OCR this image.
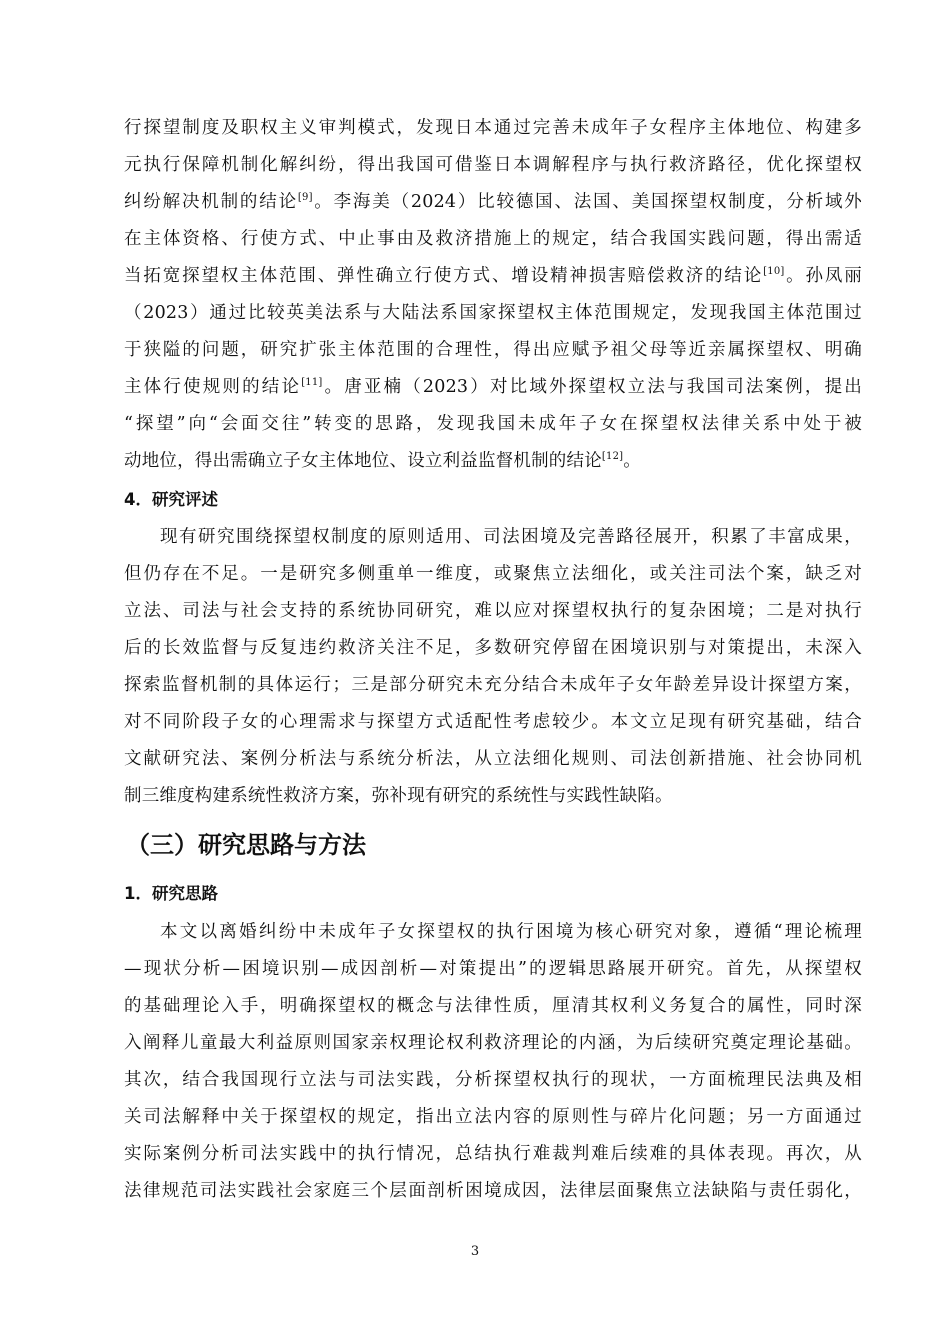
行探望制度及职权主义审判模式，发现日本通过完善未成年子女程序主体地位、构建多
元执行保障机制化解纠纷，得出我国可借鉴日本调解程序与执行救济路径，优化探望权
纠纷解决机制的结论[9]。李海美（2024）比较德国、法国、美国探望权制度，分析域外
在主体资格、行使方式、中止事由及救济措施上的规定，结合我国实践问题，得出需适
当拓宽探望权主体范围、弹性确立行使方式、增设精神损害赔偿救济的结论[10]。孙凤丽
（2023）通过比较英美法系与大陆法系国家探望权主体范围规定，发现我国主体范围过
于狭隘的问题，研究扩张主体范围的合理性，得出应赋予祖父母等近亲属探望权、明确
主体行使规则的结论[11]。唐亚楠（2023）对比域外探望权立法与我国司法案例，提出
“探望”向“会面交往”转变的思路，发现我国未成年子女在探望权法律关系中处于被
动地位，得出需确立子女主体地位、设立利益监督机制的结论[12]。
4．研究评述
现有研究围绕探望权制度的原则适用、司法困境及完善路径展开，积累了丰富成果，
但仍存在不足。一是研究多侧重单一维度，或聚焦立法细化，或关注司法个案，缺乏对
立法、司法与社会支持的系统协同研究，难以应对探望权执行的复杂困境；二是对执行
后的长效监督与反复违约救济关注不足，多数研究停留在困境识别与对策提出，未深入
探索监督机制的具体运行；三是部分研究未充分结合未成年子女年龄差异设计探望方案，
对不同阶段子女的心理需求与探望方式适配性考虑较少。本文立足现有研究基础，结合
文献研究法、案例分析法与系统分析法，从立法细化规则、司法创新措施、社会协同机
制三维度构建系统性救济方案，弥补现有研究的系统性与实践性缺陷。
（三）研究思路与方法
1．研究思路
本文以离婚纠纷中未成年子女探望权的执行困境为核心研究对象，遵循“理论梳理
—现状分析—困境识别—成因剖析—对策提出”的逻辑思路展开研究。首先，从探望权
的基础理论入手，明确探望权的概念与法律性质，厘清其权利义务复合的属性，同时深
入阐释儿童最大利益原则国家亲权理论权利救济理论的内涵，为后续研究奠定理论基础。
其次，结合我国现行立法与司法实践，分析探望权执行的现状，一方面梳理民法典及相
关司法解释中关于探望权的规定，指出立法内容的原则性与碎片化问题；另一方面通过
实际案例分析司法实践中的执行情况，总结执行难裁判难后续难的具体表现。再次，从
法律规范司法实践社会家庭三个层面剖析困境成因，法律层面聚焦立法缺陷与责任弱化，
3
